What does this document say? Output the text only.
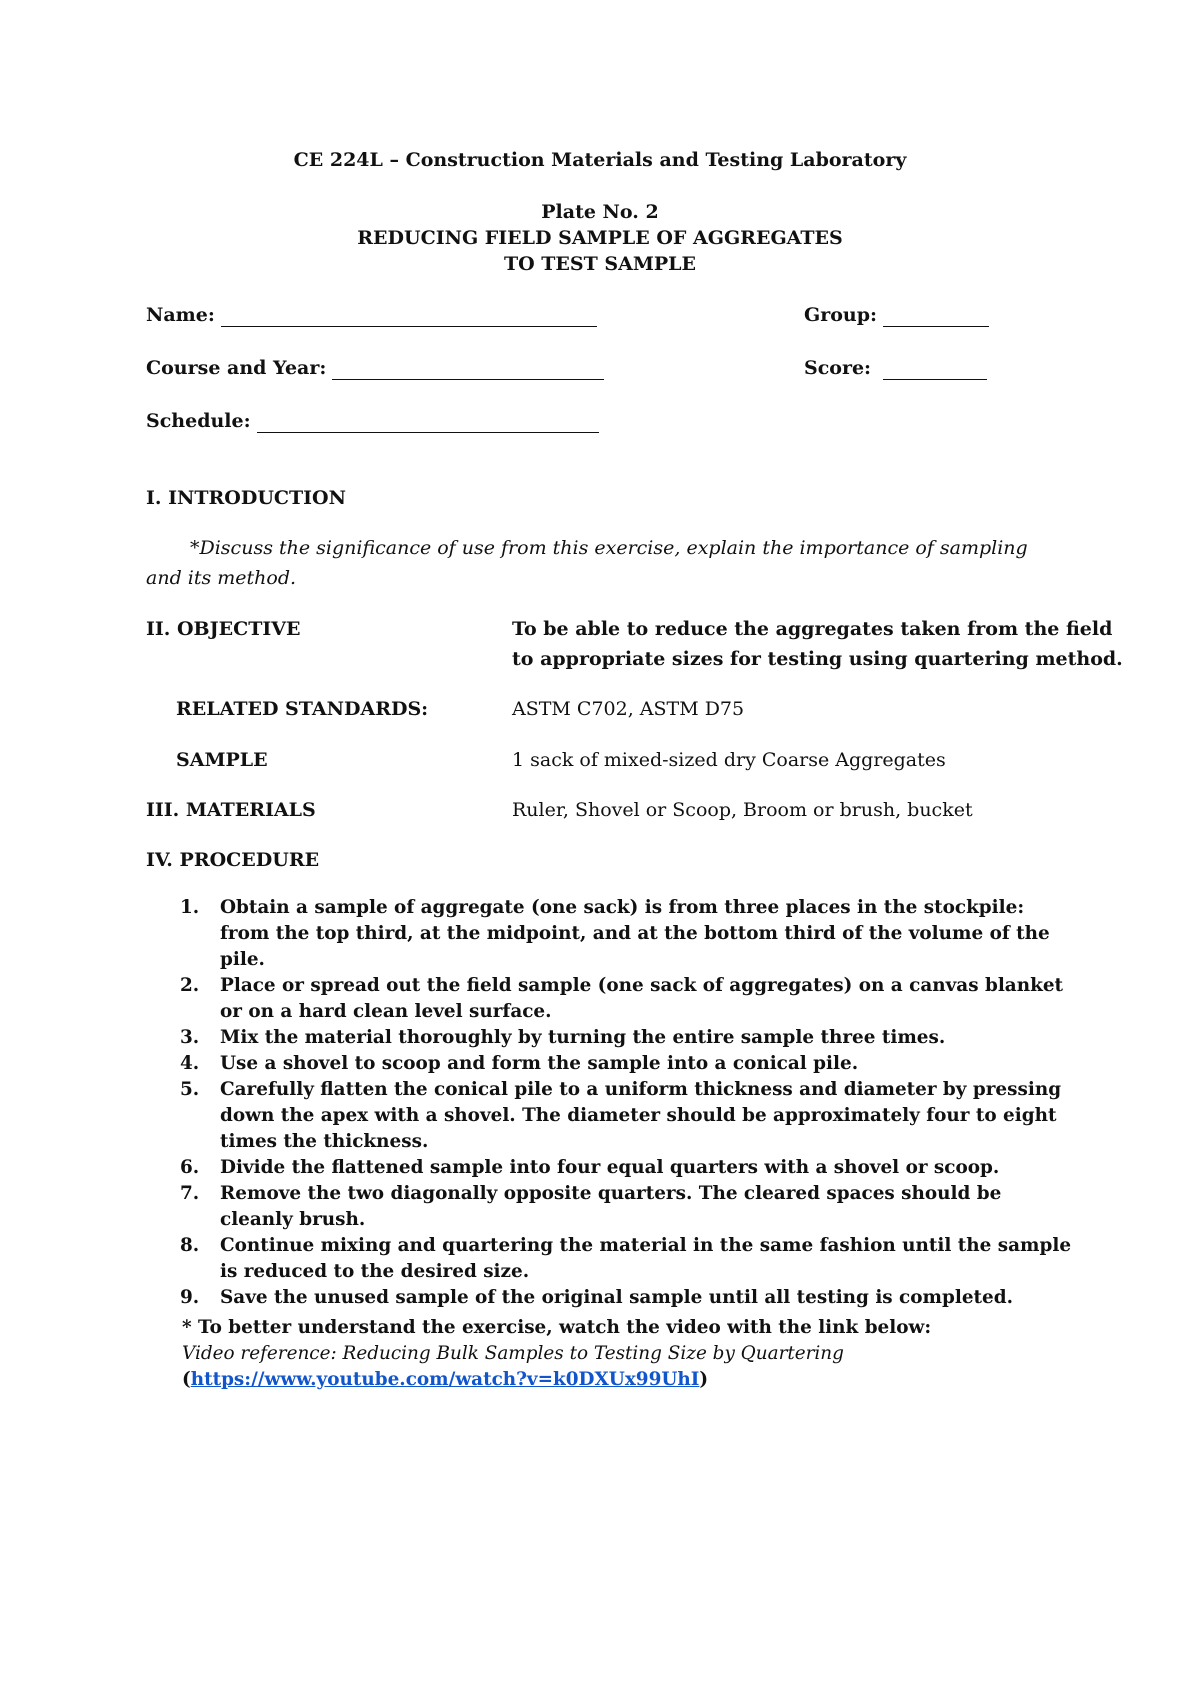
CE 224L – Construction Materials and Testing Laboratory
Plate No. 2
REDUCING FIELD SAMPLE OF AGGREGATES
TO TEST SAMPLE
Name:	Group:
Course and Year:	Score:
Schedule:
I. INTRODUCTION
*Discuss the significance of use from this exercise, explain the importance of sampling and its method.
II. OBJECTIVE	To be able to reduce the aggregates taken from the field
to appropriate sizes for testing using quartering method.
RELATED STANDARDS:	ASTM C702, ASTM D75
SAMPLE	1 sack of mixed-sized dry Coarse Aggregates
III. MATERIALS	Ruler, Shovel or Scoop, Broom or brush, bucket
IV. PROCEDURE
1. Obtain a sample of aggregate (one sack) is from three places in the stockpile: from the top third, at the midpoint, and at the bottom third of the volume of the pile.
2. Place or spread out the field sample (one sack of aggregates) on a canvas blanket or on a hard clean level surface.
3. Mix the material thoroughly by turning the entire sample three times.
4. Use a shovel to scoop and form the sample into a conical pile.
5. Carefully flatten the conical pile to a uniform thickness and diameter by pressing down the apex with a shovel. The diameter should be approximately four to eight times the thickness.
6. Divide the flattened sample into four equal quarters with a shovel or scoop.
7. Remove the two diagonally opposite quarters. The cleared spaces should be cleanly brush.
8. Continue mixing and quartering the material in the same fashion until the sample is reduced to the desired size.
9. Save the unused sample of the original sample until all testing is completed.
* To better understand the exercise, watch the video with the link below:
Video reference: Reducing Bulk Samples to Testing Size by Quartering
(https://www.youtube.com/watch?v=k0DXUx99UhI)
